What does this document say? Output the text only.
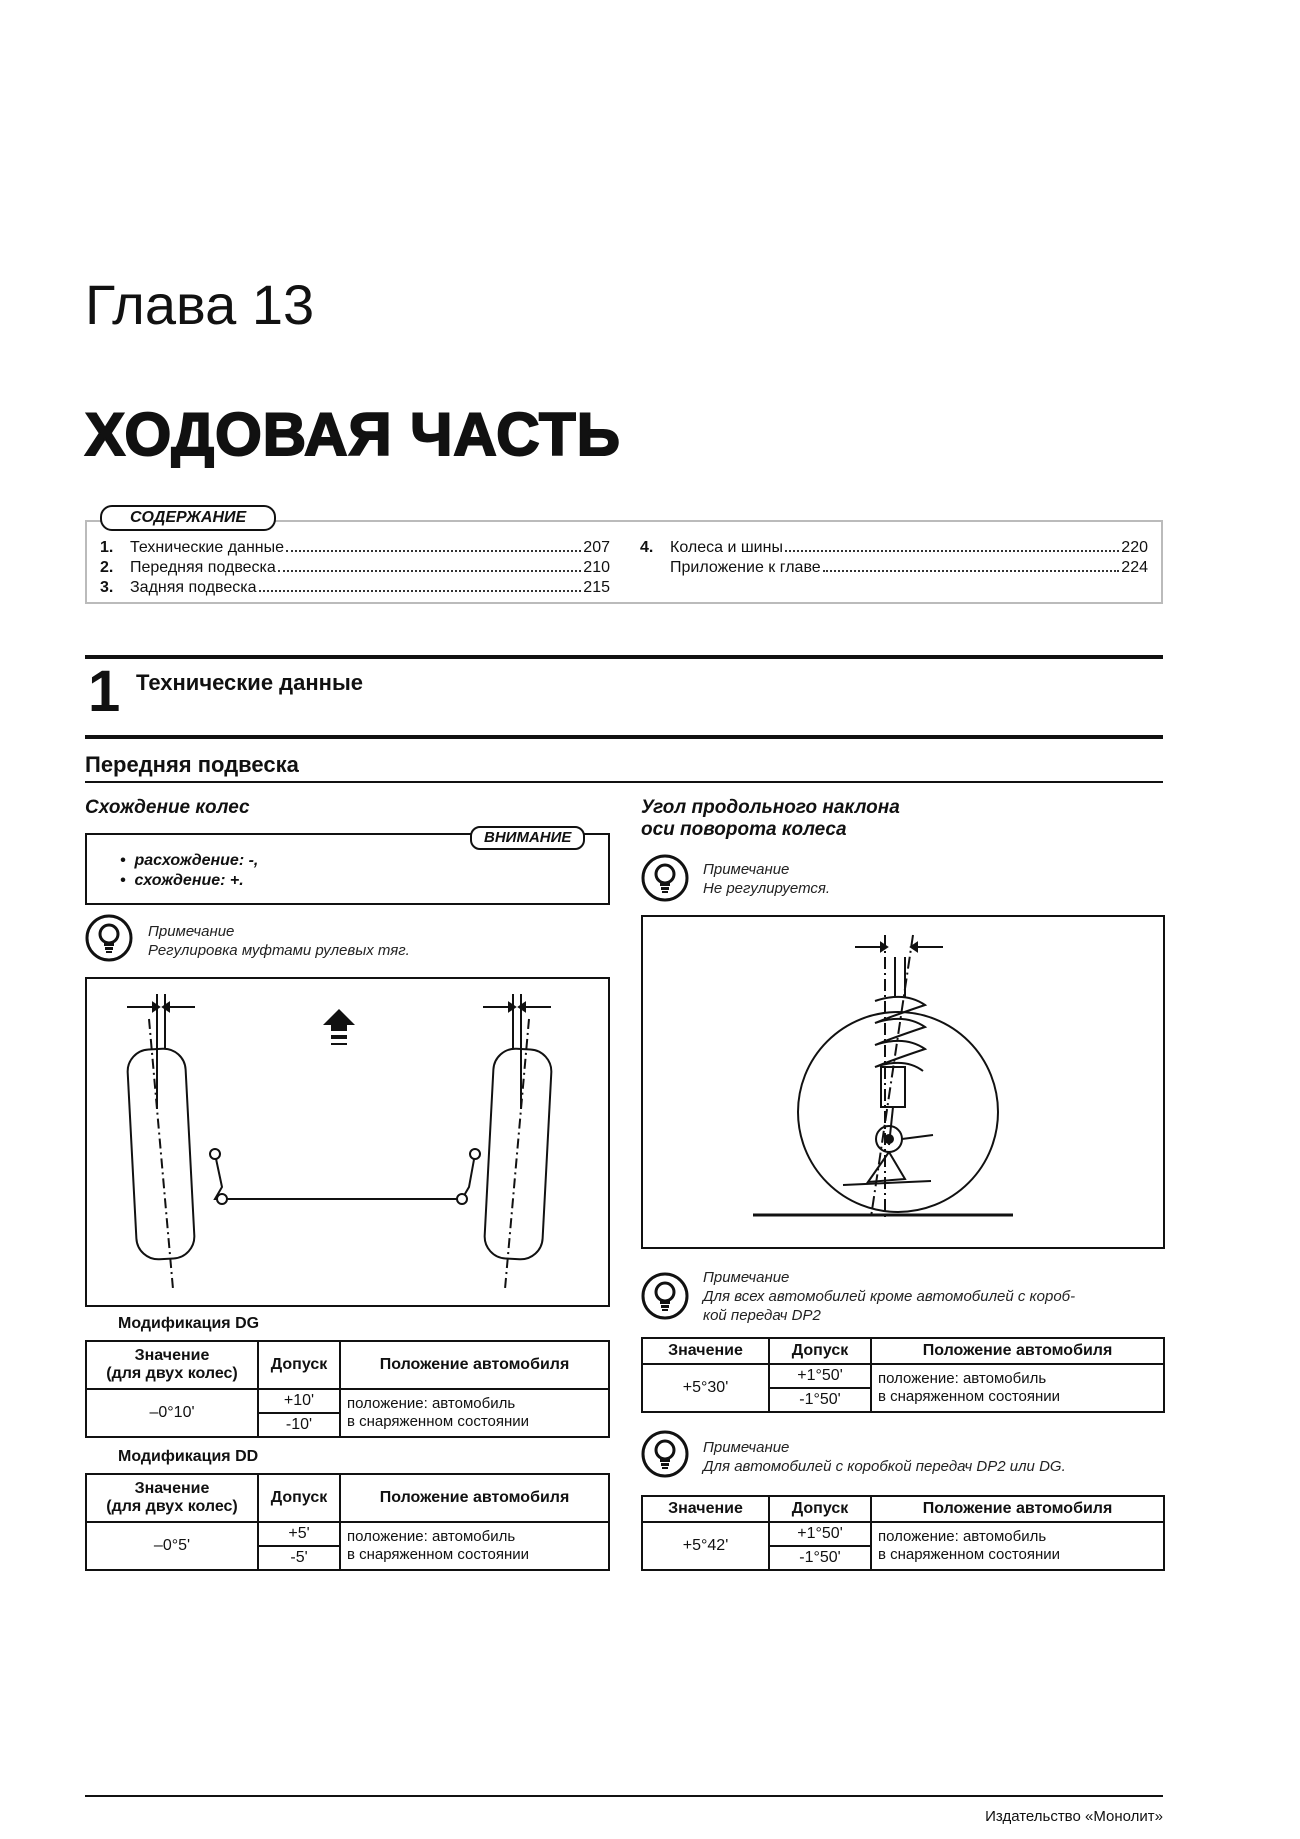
Глава 13
ХОДОВАЯ ЧАСТЬ
СОДЕРЖАНИЕ
1.	Технические данные	207
2.	Передняя подвеска	210
3.	Задняя подвеска	215
4.	Колеса и шины	220
Приложение к главе	224
1 Технические данные
Передняя подвеска
Схождение колес
ВНИМАНИЕ
•  расхождение: -,
•  схождение: +.
Примечание
Регулировка муфтами рулевых тяг.
Модификация DG
Значение
(для двух колес)	Допуск	Положение автомобиля
–0°10'	+10'	положение: автомобиль
в снаряженном состоянии
	-10'	
Модификация DD
Значение
(для двух колес)	Допуск	Положение автомобиля
–0°5'	+5'	положение: автомобиль
в снаряженном состоянии
	-5'	
Угол продольного наклона
оси поворота колеса
Примечание
Не регулируется.
Примечание
Для всех автомобилей кроме автомобилей с короб-
кой передач DP2
Значение	Допуск	Положение автомобиля
+5°30'	+1°50'	положение: автомобиль
в снаряженном состоянии
	-1°50'	
Примечание
Для автомобилей с коробкой передач DP2 или DG.
Значение	Допуск	Положение автомобиля
+5°42'	+1°50'	положение: автомобиль
в снаряженном состоянии
	-1°50'	
Издательство «Монолит»
